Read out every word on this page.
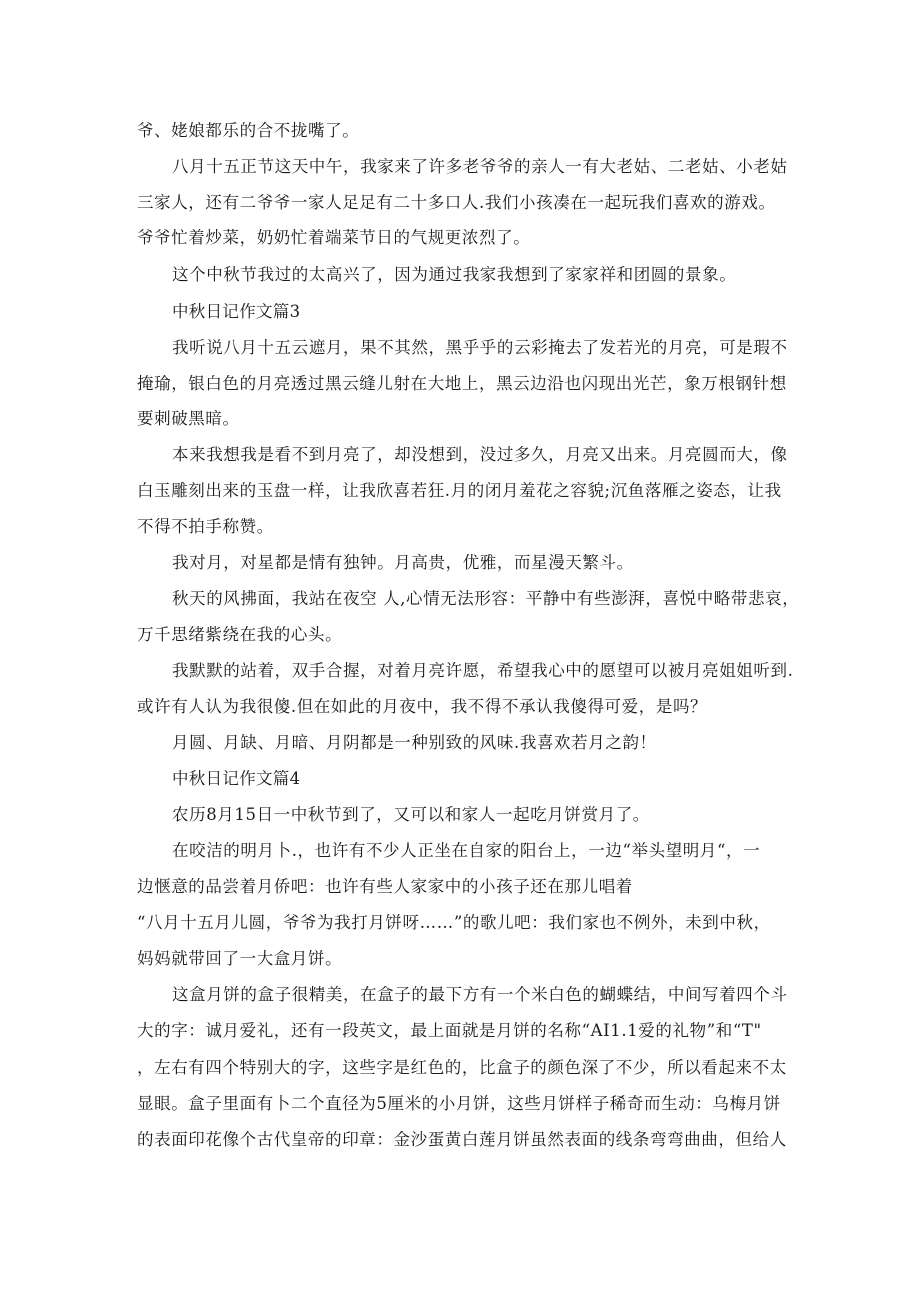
爷、姥娘都乐的合不拢嘴了。
八月十五正节这天中午，我家来了许多老爷爷的亲人一有大老姑、二老姑、小老姑
三家人，还有二爷爷一家人足足有二十多口人.我们小孩凑在一起玩我们喜欢的游戏。
爷爷忙着炒菜，奶奶忙着端菜节日的气规更浓烈了。
这个中秋节我过的太高兴了，因为通过我家我想到了家家祥和团圆的景象。
中秋日记作文篇3
我听说八月十五云遮月，果不其然，黑乎乎的云彩掩去了发若光的月亮，可是瑕不
掩瑜，银白色的月亮透过黑云缝儿射在大地上，黑云边沿也闪现出光芒，象万根钢针想
要刺破黑暗。
本来我想我是看不到月亮了，却没想到，没过多久，月亮又出来。月亮圆而大，像
白玉雕刻出来的玉盘一样，让我欣喜若狂.月的闭月羞花之容貌;沉鱼落雁之姿态，让我
不得不拍手称赞。
我对月，对星都是情有独钟。月高贵，优雅，而星漫天繁斗。
秋天的风拂面，我站在夜空 人,心情无法形容：平静中有些澎湃，喜悦中略带悲哀，
万千思绪紫绕在我的心头。
我默默的站着，双手合握，对着月亮许愿，希望我心中的愿望可以被月亮姐姐听到.
或许有人认为我很傻.但在如此的月夜中，我不得不承认我傻得可爱，是吗？
月圆、月缺、月暗、月阴都是一种别致的风味.我喜欢若月之韵！
中秋日记作文篇4
农历8月15日一中秋节到了，又可以和家人一起吃月饼赏月了。
在咬洁的明月卜.，也许有不少人正坐在自家的阳台上，一边“举头望明月“，一
边惬意的品尝着月侨吧：也许有些人家家中的小孩子还在那儿唱着
“八月十五月儿圆，爷爷为我打月饼呀……”的歌儿吧：我们家也不例外，未到中秋，
妈妈就带回了一大盒月饼。
这盒月饼的盒子很精美，在盒子的最下方有一个米白色的蝴蝶结，中间写着四个斗
大的字：诚月爱礼，还有一段英文，最上面就是月饼的名称“AI1.1爱的礼物”和“T"
，左右有四个特别大的字，这些字是红色的，比盒子的颜色深了不少，所以看起来不太
显眼。盒子里面有卜二个直径为5厘米的小月饼，这些月饼样子稀奇而生动：乌梅月饼
的表面印花像个古代皇帝的印章：金沙蛋黄白莲月饼虽然表面的线条弯弯曲曲，但给人
